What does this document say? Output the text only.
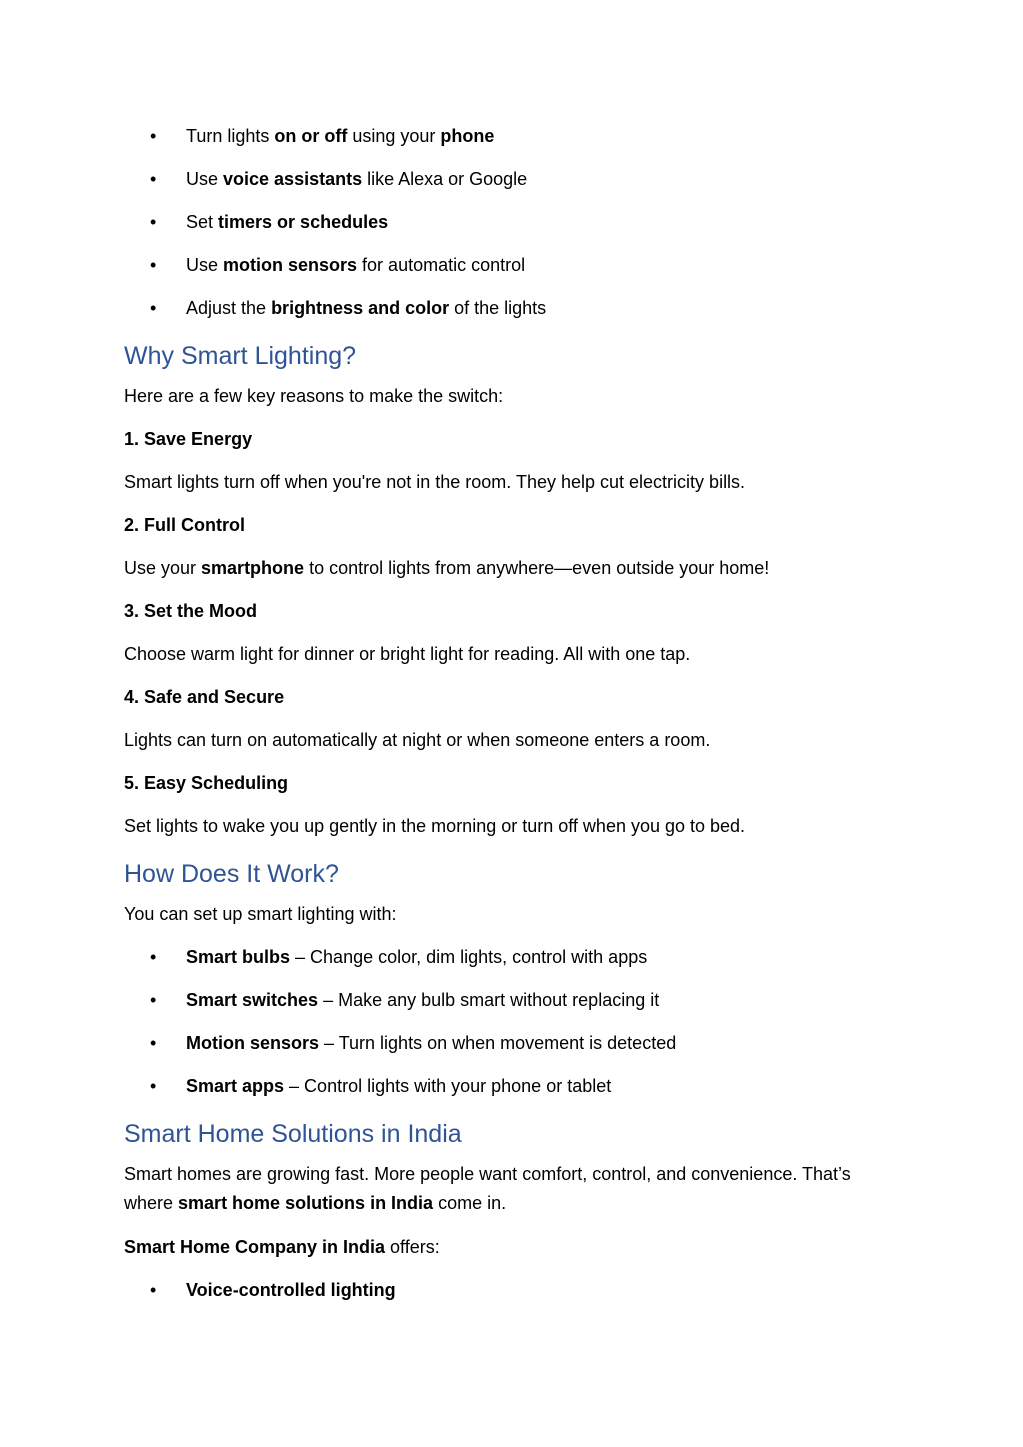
• Turn lights on or off using your phone
• Use voice assistants like Alexa or Google
• Set timers or schedules
• Use motion sensors for automatic control
• Adjust the brightness and color of the lights
Why Smart Lighting?
Here are a few key reasons to make the switch:
1. Save Energy
Smart lights turn off when you're not in the room. They help cut electricity bills.
2. Full Control
Use your smartphone to control lights from anywhere—even outside your home!
3. Set the Mood
Choose warm light for dinner or bright light for reading. All with one tap.
4. Safe and Secure
Lights can turn on automatically at night or when someone enters a room.
5. Easy Scheduling
Set lights to wake you up gently in the morning or turn off when you go to bed.
How Does It Work?
You can set up smart lighting with:
• Smart bulbs – Change color, dim lights, control with apps
• Smart switches – Make any bulb smart without replacing it
• Motion sensors – Turn lights on when movement is detected
• Smart apps – Control lights with your phone or tablet
Smart Home Solutions in India
Smart homes are growing fast. More people want comfort, control, and convenience. That’s where smart home solutions in India come in.
Smart Home Company in India offers:
• Voice-controlled lighting
